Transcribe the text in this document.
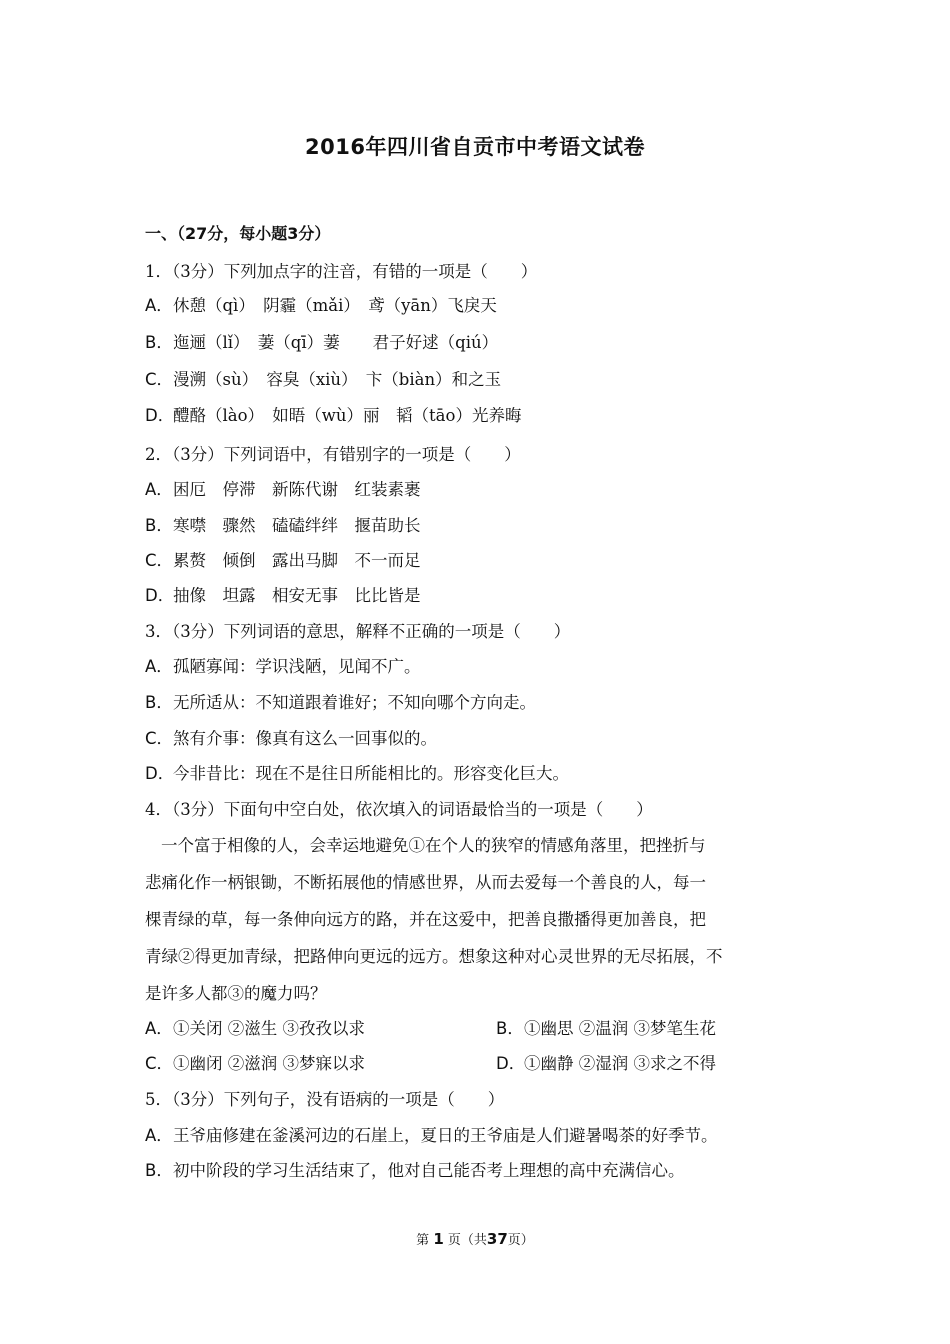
2016年四川省自贡市中考语文试卷
一、（27分，每小题3分）
1．（3分）下列加点字的注音，有错的一项是（　　）
A．休憩（qì）　阴霾（mǎi）　鸢（yān）飞戾天
B．迤逦（lǐ）　萋（qī）萋　　君子好逑（qiú）
C．漫溯（sù）　容臭（xiù）　卞（biàn）和之玉
D．醴酪（lào）　如晤（wù）丽　韬（tāo）光养晦
2．（3分）下列词语中，有错别字的一项是（　　）
A．困厄　停滞　新陈代谢　红装素裹
B．寒噤　骤然　磕磕绊绊　揠苗助长
C．累赘　倾倒　露出马脚　不一而足
D．抽像　坦露　相安无事　比比皆是
3．（3分）下列词语的意思，解释不正确的一项是（　　）
A．孤陋寡闻：学识浅陋，见闻不广。
B．无所适从：不知道跟着谁好；不知向哪个方向走。
C．煞有介事：像真有这么一回事似的。
D．今非昔比：现在不是往日所能相比的。形容变化巨大。
4．（3分）下面句中空白处，依次填入的词语最恰当的一项是（　　）
一个富于相像的人，会幸运地避免①在个人的狭窄的情感角落里，把挫折与
悲痛化作一柄银锄，不断拓展他的情感世界，从而去爱每一个善良的人，每一
棵青绿的草，每一条伸向远方的路，并在这爱中，把善良撒播得更加善良，把
青绿②得更加青绿，把路伸向更远的远方。想象这种对心灵世界的无尽拓展，不
是许多人都③的魔力吗？
A．①关闭 ②滋生 ③孜孜以求	B．①幽思 ②温润 ③梦笔生花
C．①幽闭 ②滋润 ③梦寐以求	D．①幽静 ②湿润 ③求之不得
5．（3分）下列句子，没有语病的一项是（　　）
A．王爷庙修建在釜溪河边的石崖上，夏日的王爷庙是人们避暑喝茶的好季节。
B．初中阶段的学习生活结束了，他对自己能否考上理想的高中充满信心。
第 1 页（共37页）
